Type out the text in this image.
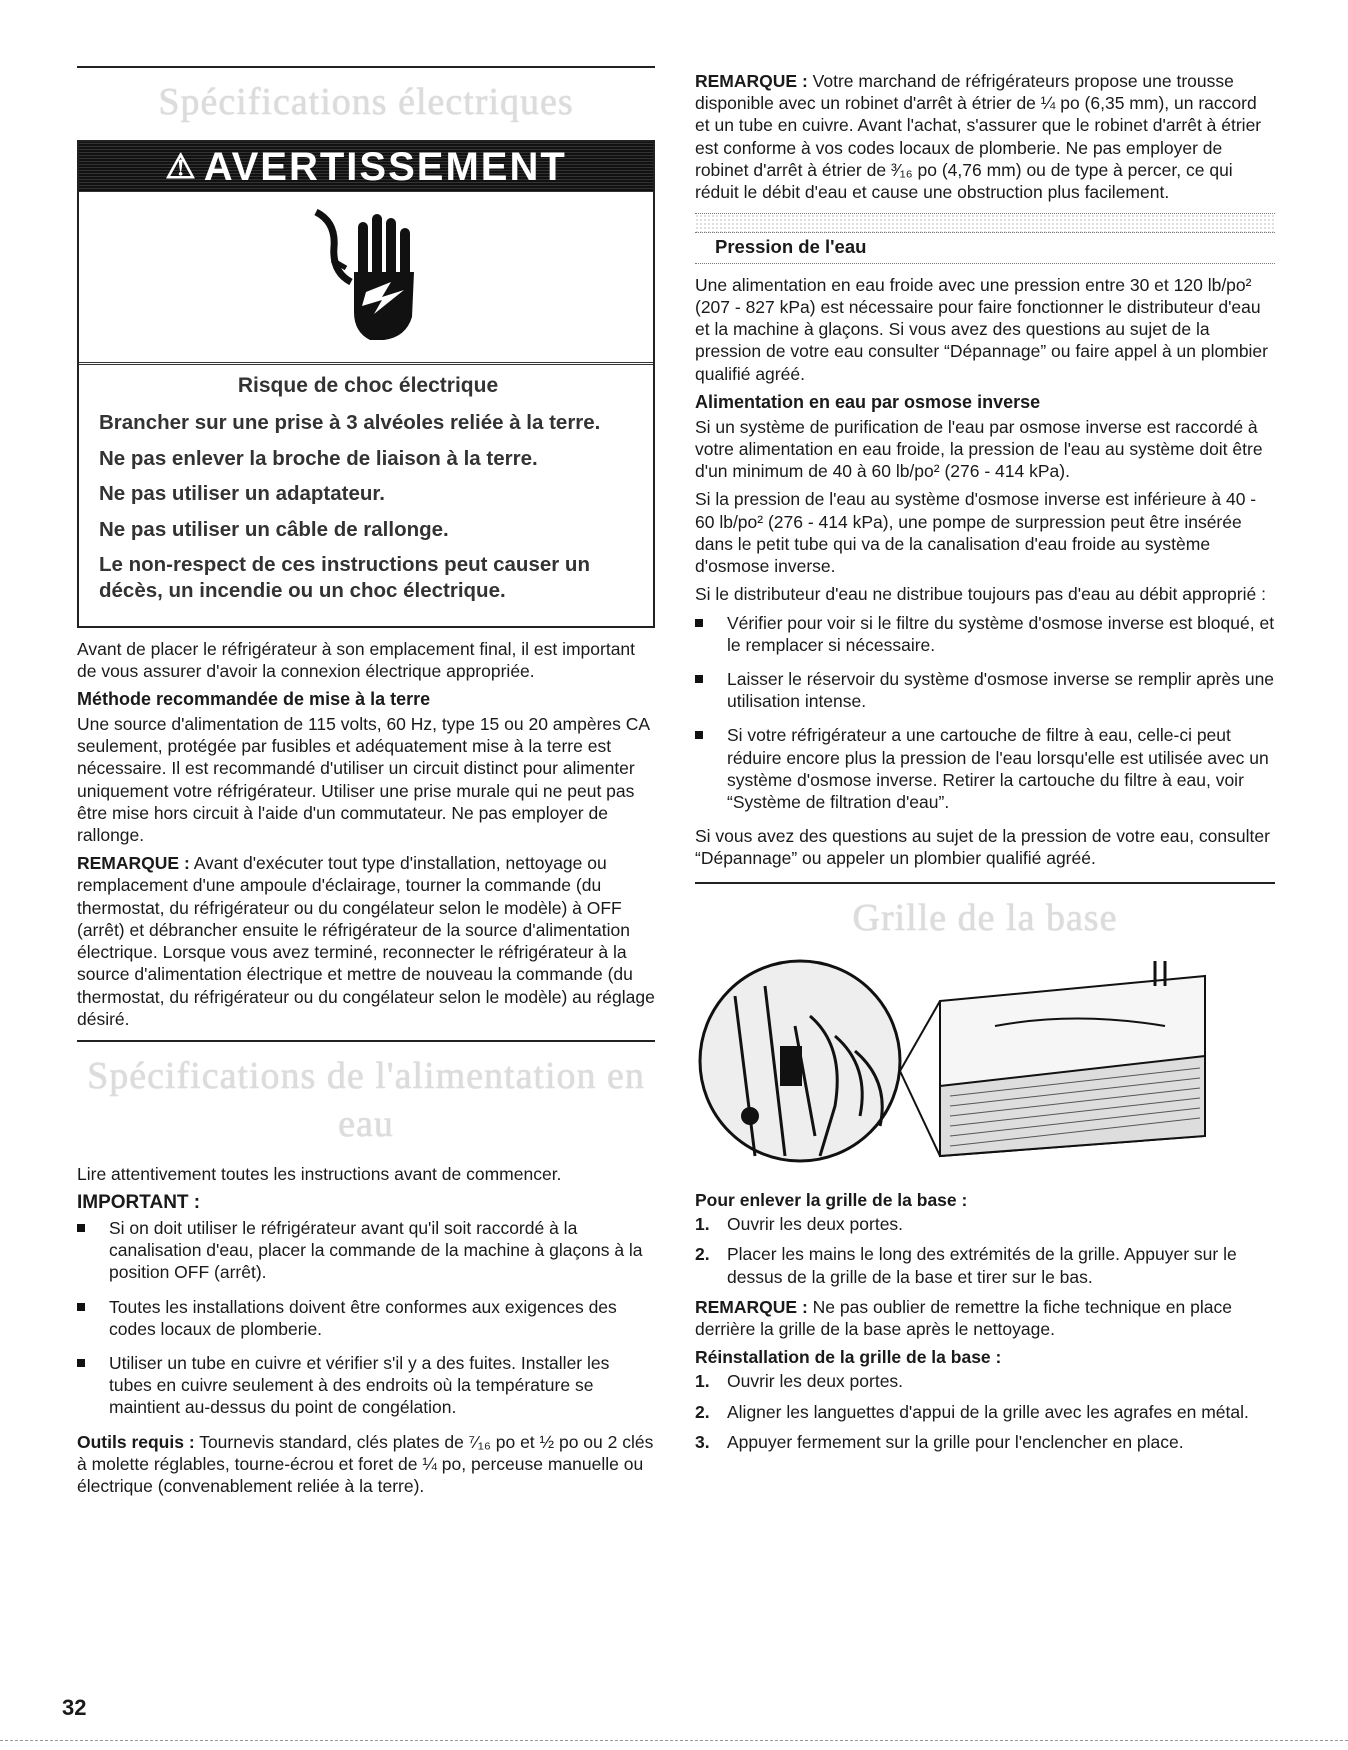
Spécifications électriques
⚠ AVERTISSEMENT
Risque de choc électrique
Brancher sur une prise à 3 alvéoles reliée à la terre.
Ne pas enlever la broche de liaison à la terre.
Ne pas utiliser un adaptateur.
Ne pas utiliser un câble de rallonge.
Le non-respect de ces instructions peut causer un décès, un incendie ou un choc électrique.

Avant de placer le réfrigérateur à son emplacement final, il est important de vous assurer d'avoir la connexion électrique appropriée.

Méthode recommandée de mise à la terre

Une source d'alimentation de 115 volts, 60 Hz, type 15 ou 20 ampères CA seulement, protégée par fusibles et adéquatement mise à la terre est nécessaire. Il est recommandé d'utiliser un circuit distinct pour alimenter uniquement votre réfrigérateur. Utiliser une prise murale qui ne peut pas être mise hors circuit à l'aide d'un commutateur. Ne pas employer de rallonge.

REMARQUE : Avant d'exécuter tout type d'installation, nettoyage ou remplacement d'une ampoule d'éclairage, tourner la commande (du thermostat, du réfrigérateur ou du congélateur selon le modèle) à OFF (arrêt) et débrancher ensuite le réfrigérateur de la source d'alimentation électrique. Lorsque vous avez terminé, reconnecter le réfrigérateur à la source d'alimentation électrique et mettre de nouveau la commande (du thermostat, du réfrigérateur ou du congélateur selon le modèle) au réglage désiré.

Spécifications de l'alimentation en eau

Lire attentivement toutes les instructions avant de commencer.

IMPORTANT :
Si on doit utiliser le réfrigérateur avant qu'il soit raccordé à la canalisation d'eau, placer la commande de la machine à glaçons à la position OFF (arrêt).
Toutes les installations doivent être conformes aux exigences des codes locaux de plomberie.
Utiliser un tube en cuivre et vérifier s'il y a des fuites. Installer les tubes en cuivre seulement à des endroits où la température se maintient au-dessus du point de congélation.

Outils requis : Tournevis standard, clés plates de ⁷⁄₁₆ po et ½ po ou 2 clés à molette réglables, tourne-écrou et foret de ¼ po, perceuse manuelle ou électrique (convenablement reliée à la terre).

REMARQUE : Votre marchand de réfrigérateurs propose une trousse disponible avec un robinet d'arrêt à étrier de ¼ po (6,35 mm), un raccord et un tube en cuivre. Avant l'achat, s'assurer que le robinet d'arrêt à étrier est conforme à vos codes locaux de plomberie. Ne pas employer de robinet d'arrêt à étrier de ³⁄₁₆ po (4,76 mm) ou de type à percer, ce qui réduit le débit d'eau et cause une obstruction plus facilement.

Pression de l'eau

Une alimentation en eau froide avec une pression entre 30 et 120 lb/po² (207 - 827 kPa) est nécessaire pour faire fonctionner le distributeur d'eau et la machine à glaçons. Si vous avez des questions au sujet de la pression de votre eau consulter “Dépannage” ou faire appel à un plombier qualifié agréé.

Alimentation en eau par osmose inverse

Si un système de purification de l'eau par osmose inverse est raccordé à votre alimentation en eau froide, la pression de l'eau au système doit être d'un minimum de 40 à 60 lb/po² (276 - 414 kPa).

Si la pression de l'eau au système d'osmose inverse est inférieure à 40 - 60 lb/po² (276 - 414 kPa), une pompe de surpression peut être insérée dans le petit tube qui va de la canalisation d'eau froide au système d'osmose inverse.

Si le distributeur d'eau ne distribue toujours pas d'eau au débit approprié :

Vérifier pour voir si le filtre du système d'osmose inverse est bloqué, et le remplacer si nécessaire.
Laisser le réservoir du système d'osmose inverse se remplir après une utilisation intense.
Si votre réfrigérateur a une cartouche de filtre à eau, celle-ci peut réduire encore plus la pression de l'eau lorsqu'elle est utilisée avec un système d'osmose inverse. Retirer la cartouche du filtre à eau, voir “Système de filtration d'eau”.

Si vous avez des questions au sujet de la pression de votre eau, consulter “Dépannage” ou appeler un plombier qualifié agréé.

Grille de la base
Pour enlever la grille de la base :
1. Ouvrir les deux portes.
2. Placer les mains le long des extrémités de la grille. Appuyer sur le dessus de la grille de la base et tirer sur le bas.

REMARQUE : Ne pas oublier de remettre la fiche technique en place derrière la grille de la base après le nettoyage.

Réinstallation de la grille de la base :
1. Ouvrir les deux portes.
2. Aligner les languettes d'appui de la grille avec les agrafes en métal.
3. Appuyer fermement sur la grille pour l'enclencher en place.
32
